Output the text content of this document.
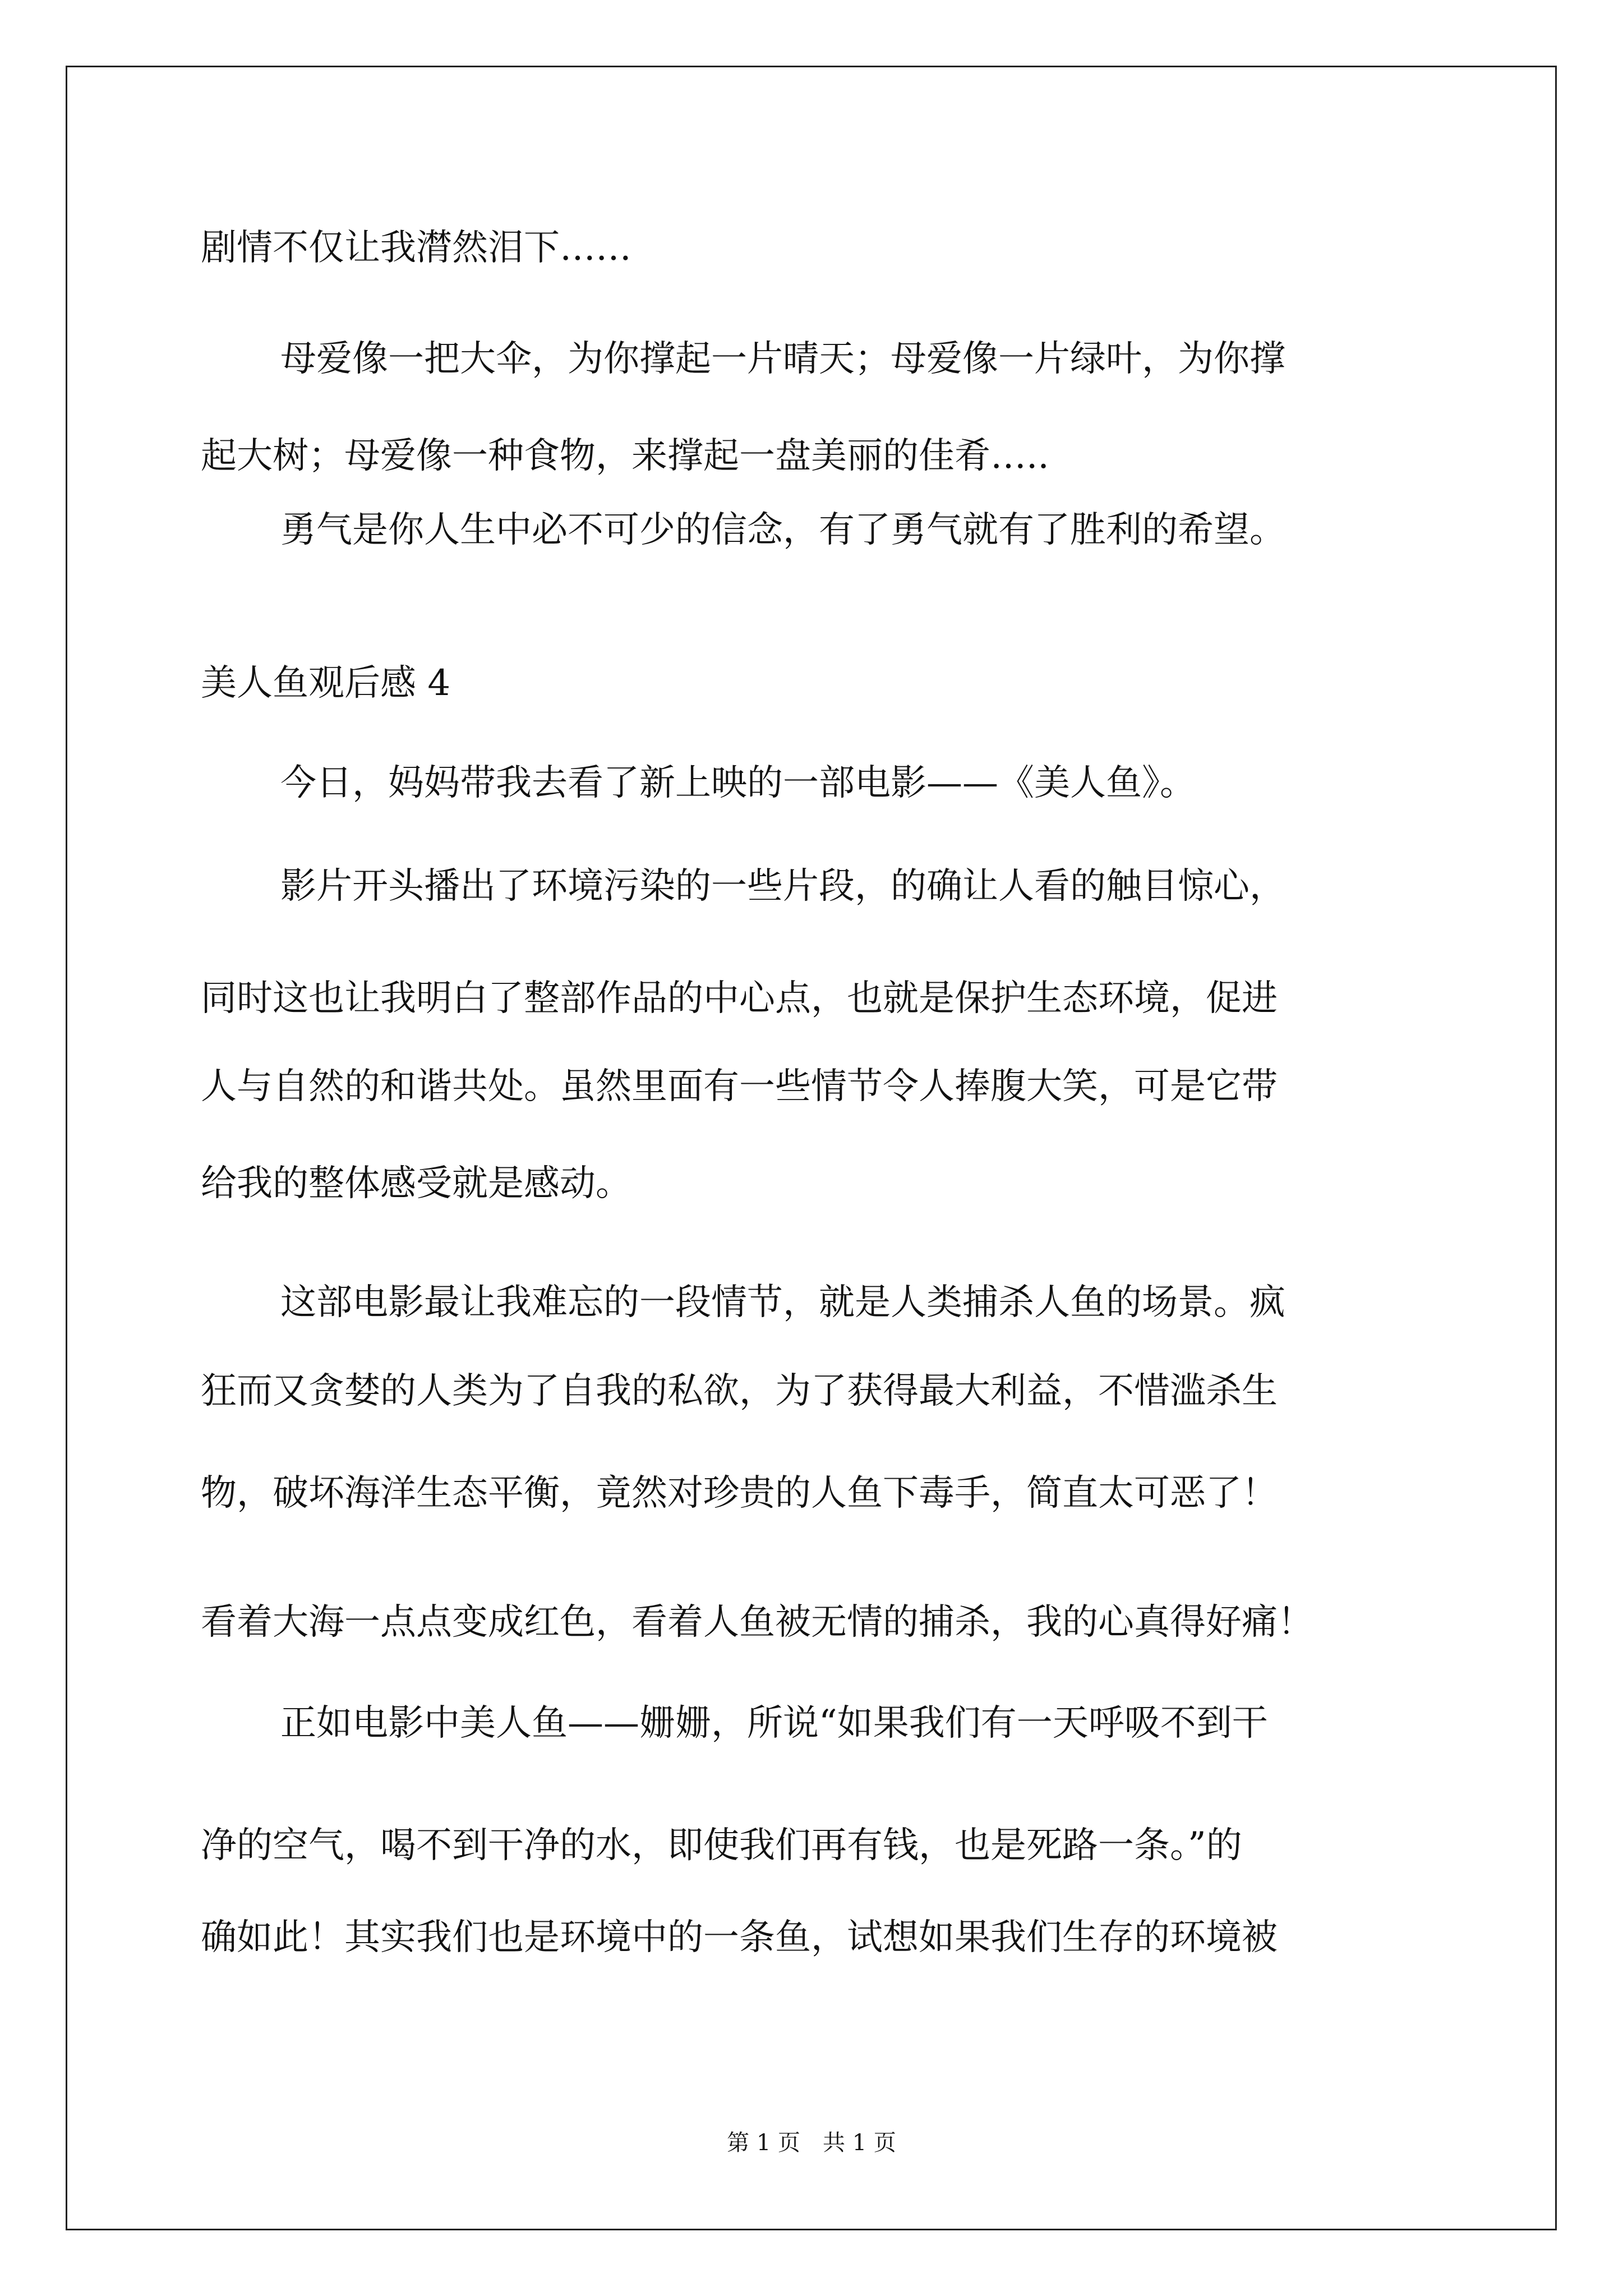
剧情不仅让我潸然泪下……
母爱像一把大伞，为你撑起一片晴天；母爱像一片绿叶，为你撑
起大树；母爱像一种食物，来撑起一盘美丽的佳肴…..
勇气是你人生中必不可少的信念，有了勇气就有了胜利的希望。
美人鱼观后感 4
今日，妈妈带我去看了新上映的一部电影——《美人鱼》。
影片开头播出了环境污染的一些片段，的确让人看的触目惊心，
同时这也让我明白了整部作品的中心点，也就是保护生态环境，促进
人与自然的和谐共处。虽然里面有一些情节令人捧腹大笑，可是它带
给我的整体感受就是感动。
这部电影最让我难忘的一段情节，就是人类捕杀人鱼的场景。疯
狂而又贪婪的人类为了自我的私欲，为了获得最大利益，不惜滥杀生
物，破坏海洋生态平衡，竟然对珍贵的人鱼下毒手，简直太可恶了！
看着大海一点点变成红色，看着人鱼被无情的捕杀，我的心真得好痛！
正如电影中美人鱼——姗姗，所说“如果我们有一天呼吸不到干
净的空气，喝不到干净的水，即使我们再有钱，也是死路一条。”的
确如此！其实我们也是环境中的一条鱼，试想如果我们生存的环境被
第 1 页　共 1 页
